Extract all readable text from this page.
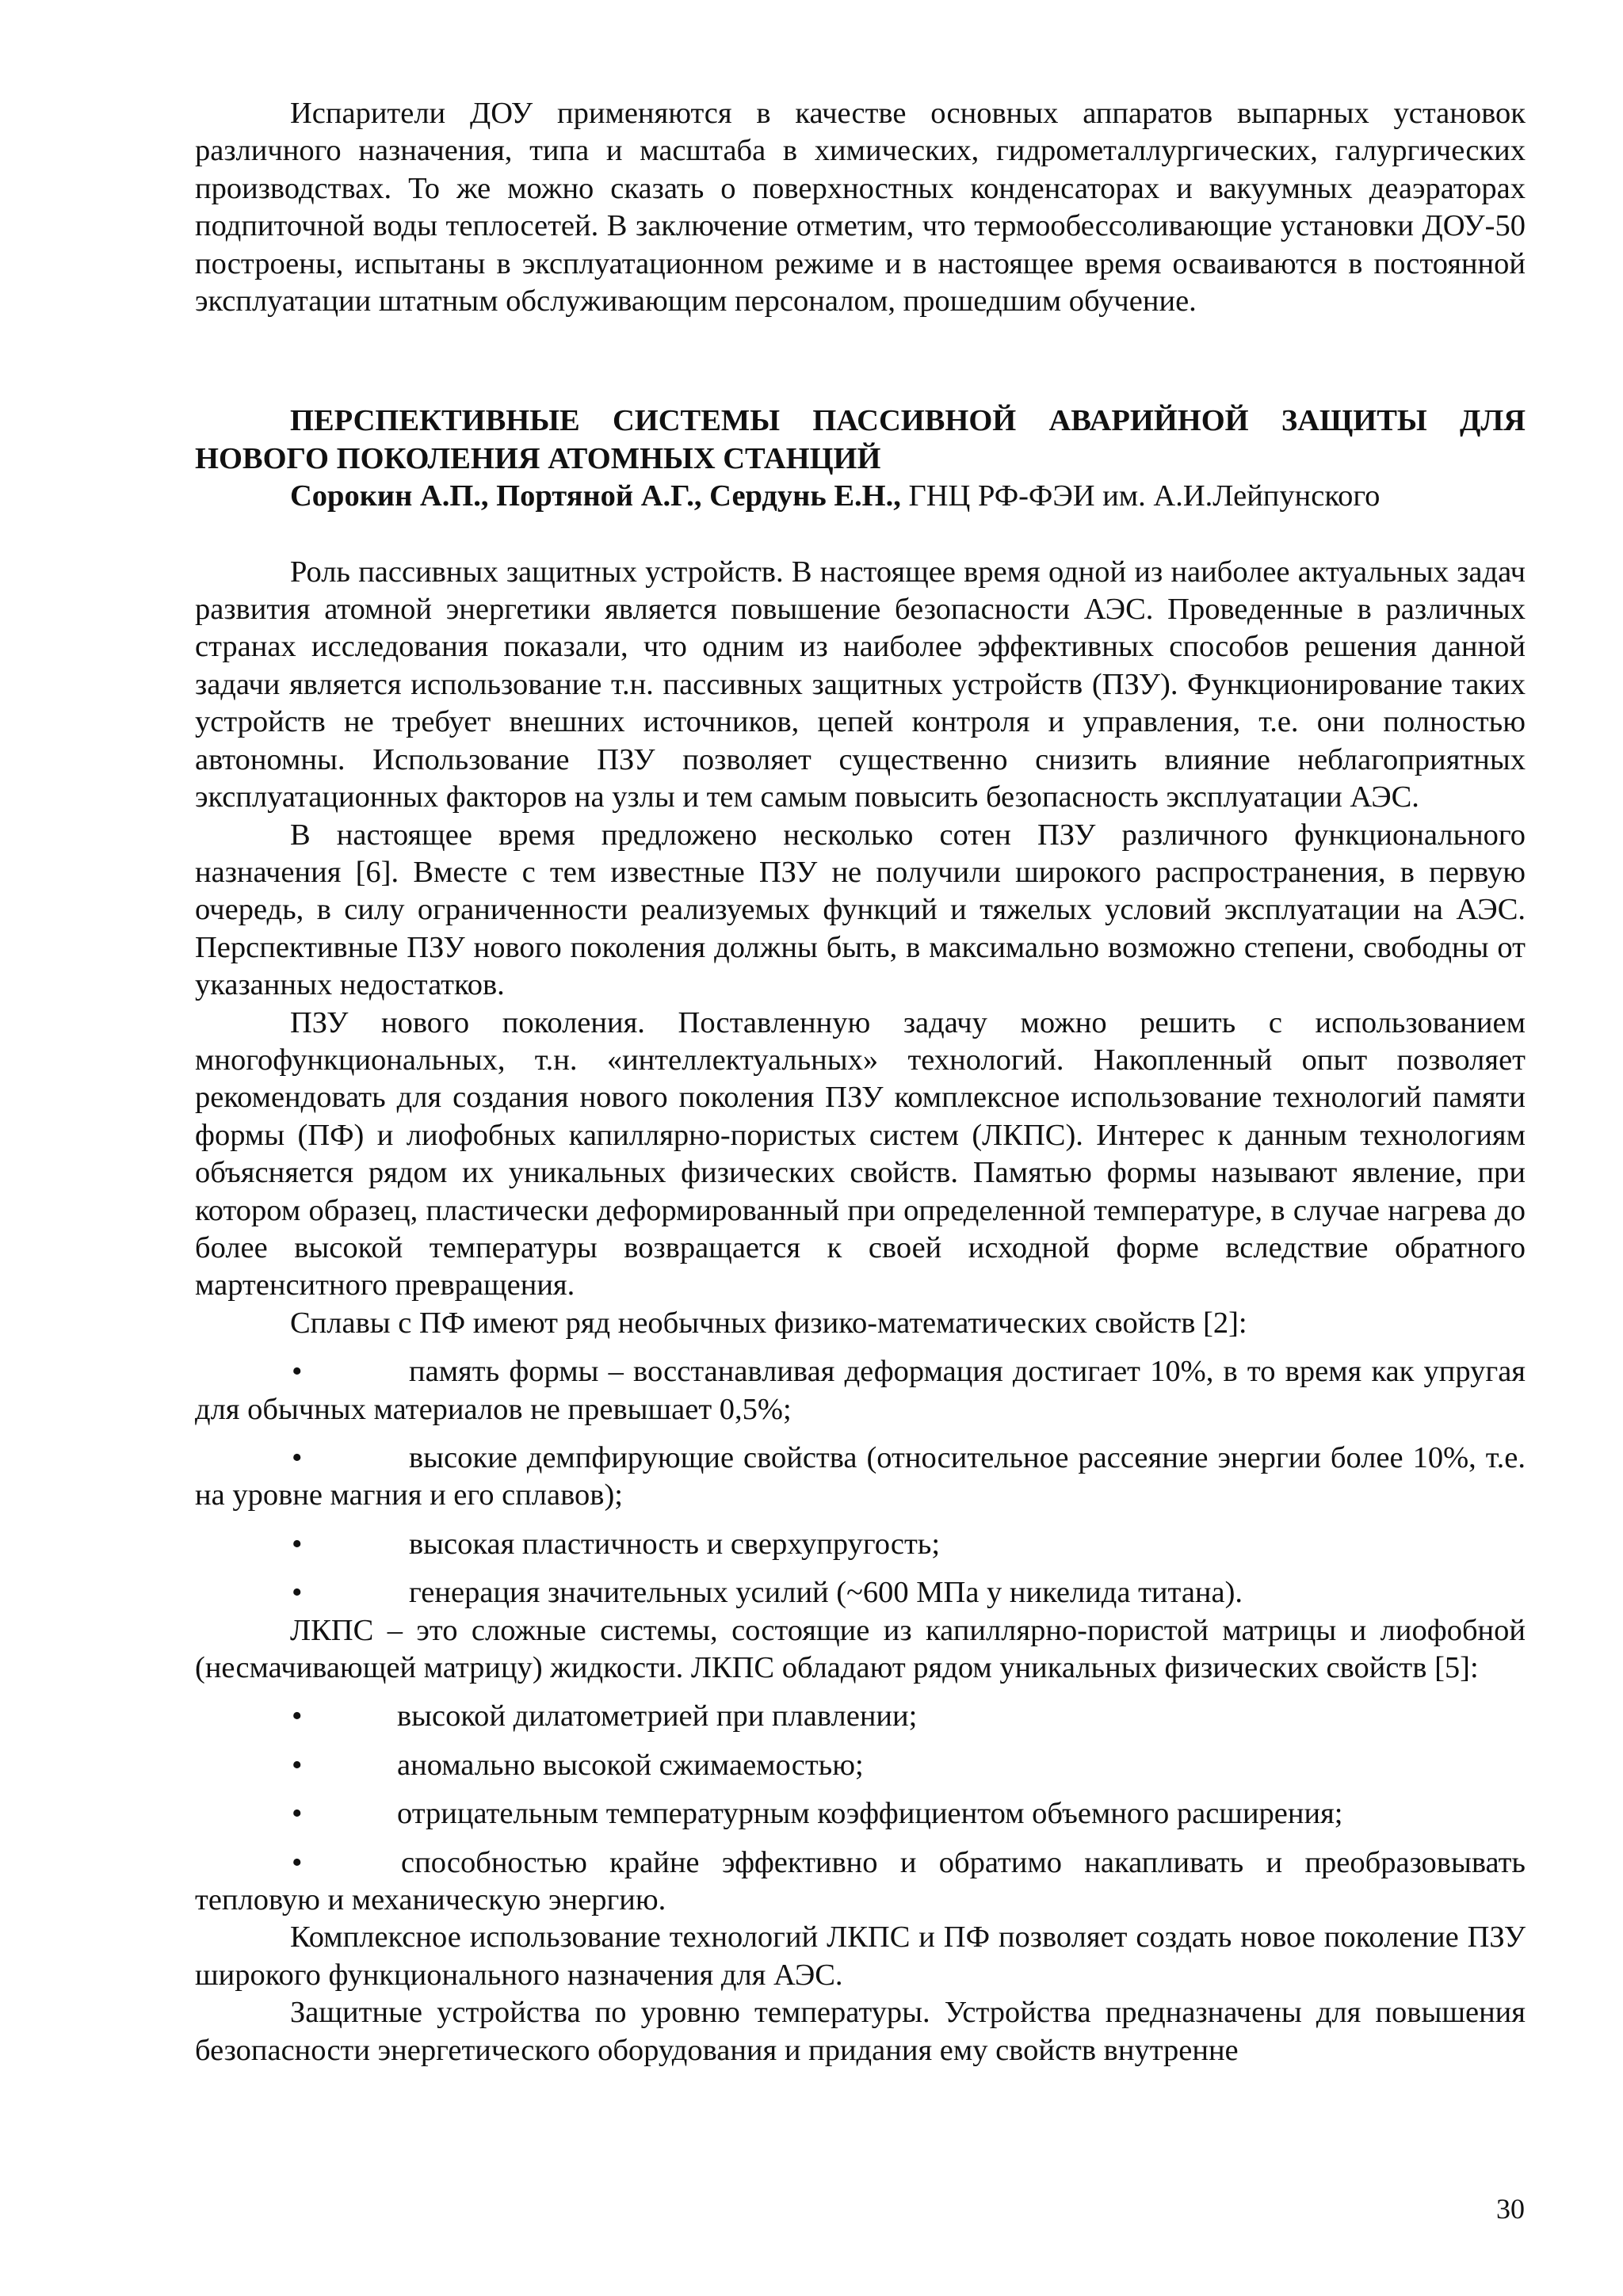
Испарители ДОУ применяются в качестве основных аппаратов выпарных установок различного назначения, типа и масштаба в химических, гидрометаллургических, галургических производствах. То же можно сказать о поверхностных конденсаторах и вакуумных деаэраторах подпиточной воды теплосетей. В заключение отметим, что термообессоливающие установки ДОУ-50 построены, испытаны в эксплуатационном режиме и в настоящее время осваиваются в постоянной эксплуатации штатным обслуживающим персоналом, прошедшим обучение.

ПЕРСПЕКТИВНЫЕ СИСТЕМЫ ПАССИВНОЙ АВАРИЙНОЙ ЗАЩИТЫ ДЛЯ НОВОГО ПОКОЛЕНИЯ АТОМНЫХ СТАНЦИЙ

Сорокин А.П., Портяной А.Г., Сердунь Е.Н., ГНЦ РФ-ФЭИ им. А.И.Лейпунского

Роль пассивных защитных устройств. В настоящее время одной из наиболее актуальных задач развития атомной энергетики является повышение безопасности АЭС. Проведенные в различных странах исследования показали, что одним из наиболее эффективных способов решения данной задачи является использование т.н. пассивных защитных устройств (ПЗУ). Функционирование таких устройств не требует внешних источников, цепей контроля и управления, т.е. они полностью автономны. Использование ПЗУ позволяет существенно снизить влияние неблагоприятных эксплуатационных факторов на узлы и тем самым повысить безопасность эксплуатации АЭС.

В настоящее время предложено несколько сотен ПЗУ различного функционального назначения [6]. Вместе с тем известные ПЗУ не получили широкого распространения, в первую очередь, в силу ограниченности реализуемых функций и тяжелых условий эксплуатации на АЭС. Перспективные ПЗУ нового поколения должны быть, в максимально возможно степени, свободны от указанных недостатков.

ПЗУ нового поколения. Поставленную задачу можно решить с использованием многофункциональных, т.н. «интеллектуальных» технологий. Накопленный опыт позволяет рекомендовать для создания нового поколения ПЗУ комплексное использование технологий памяти формы (ПФ) и лиофобных капиллярно-пористых систем (ЛКПС). Интерес к данным технологиям объясняется рядом их уникальных физических свойств. Памятью формы называют явление, при котором образец, пластически деформированный при определенной температуре, в случае нагрева до более высокой температуры возвращается к своей исходной форме вследствие обратного мартенситного превращения.

Сплавы с ПФ имеют ряд необычных физико-математических свойств [2]:

•	память формы – восстанавливая деформация достигает 10%, в то время как упругая для обычных материалов не превышает 0,5%;

•	высокие демпфирующие свойства (относительное рассеяние энергии более 10%, т.е. на уровне магния и его сплавов);

•	высокая пластичность и сверхупругость;

•	генерация значительных усилий (~600 МПа у никелида титана).

ЛКПС – это сложные системы, состоящие из капиллярно-пористой матрицы и лиофобной (несмачивающей матрицу) жидкости. ЛКПС обладают рядом уникальных физических свойств [5]:

•	высокой дилатометрией при плавлении;

•	аномально высокой сжимаемостью;

•	отрицательным температурным коэффициентом объемного расширения;

•	способностью крайне эффективно и обратимо накапливать и преобразовывать тепловую и механическую энергию.

Комплексное использование технологий ЛКПС и ПФ позволяет создать новое поколение ПЗУ широкого функционального назначения для АЭС.

Защитные устройства по уровню температуры. Устройства предназначены для повышения безопасности энергетического оборудования и придания ему свойств внутренне

30
